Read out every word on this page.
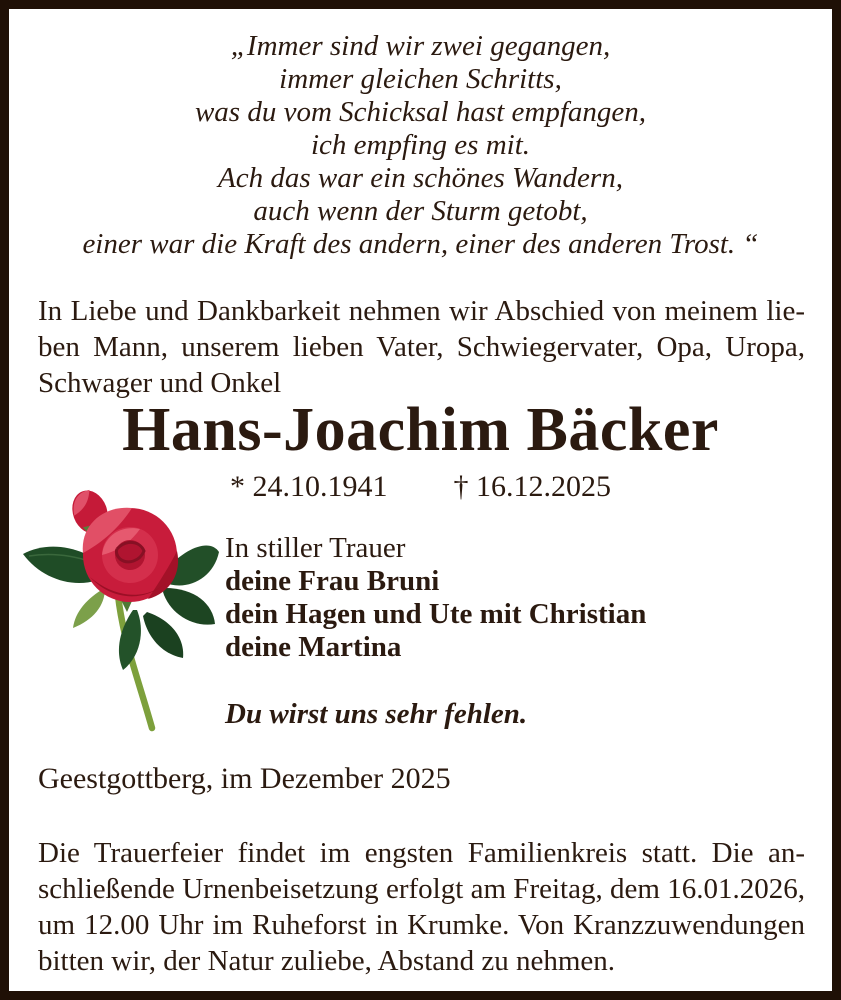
„Immer sind wir zwei gegangen,
immer gleichen Schritts,
was du vom Schicksal hast empfangen,
ich empfing es mit.
Ach das war ein schönes Wandern,
auch wenn der Sturm getobt,
einer war die Kraft des andern, einer des anderen Trost. “
In Liebe und Dankbarkeit nehmen wir Abschied von meinem lie-
ben Mann, unserem lieben Vater, Schwiegervater, Opa, Uropa,
Schwager und Onkel
Hans-Joachim Bäcker
* 24.10.1941 † 16.12.2025
In stiller Trauer
deine Frau Bruni
dein Hagen und Ute mit Christian
deine Martina
Du wirst uns sehr fehlen.
Geestgottberg, im Dezember 2025
Die Trauerfeier findet im engsten Familienkreis statt. Die an-
schließende Urnenbeisetzung erfolgt am Freitag, dem 16.01.2026,
um 12.00 Uhr im Ruheforst in Krumke. Von Kranzzuwendungen
bitten wir, der Natur zuliebe, Abstand zu nehmen.
